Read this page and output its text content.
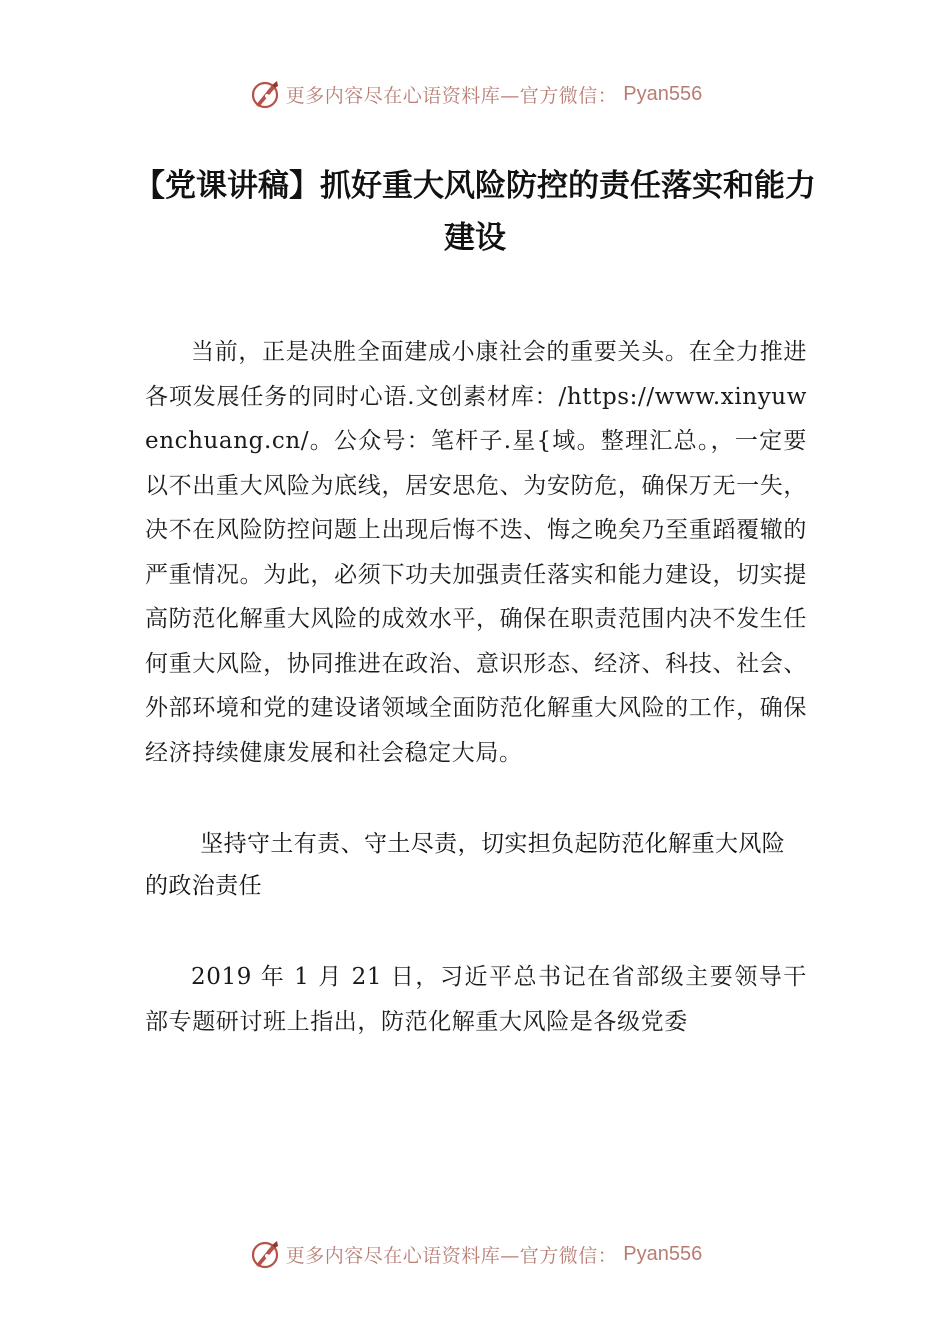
更多内容尽在心语资料库—官方微信： Pyan556
【党课讲稿】抓好重大风险防控的责任落实和能力建设

当前，正是决胜全面建成小康社会的重要关头。在全力推进各项发展任务的同时心语.文创素材库：/https://www.xinyuwenchuang.cn/。公众号：笔杆子.星{域。整理汇总。，一定要以不出重大风险为底线，居安思危、为安防危，确保万无一失，决不在风险防控问题上出现后悔不迭、悔之晚矣乃至重蹈覆辙的严重情况。为此，必须下功夫加强责任落实和能力建设，切实提高防范化解重大风险的成效水平，确保在职责范围内决不发生任何重大风险，协同推进在政治、意识形态、经济、科技、社会、外部环境和党的建设诸领域全面防范化解重大风险的工作，确保经济持续健康发展和社会稳定大局。

坚持守土有责、守土尽责，切实担负起防范化解重大风险的政治责任

2019 年 1 月 21 日，习近平总书记在省部级主要领导干部专题研讨班上指出，防范化解重大风险是各级党委

更多内容尽在心语资料库—官方微信： Pyan556
